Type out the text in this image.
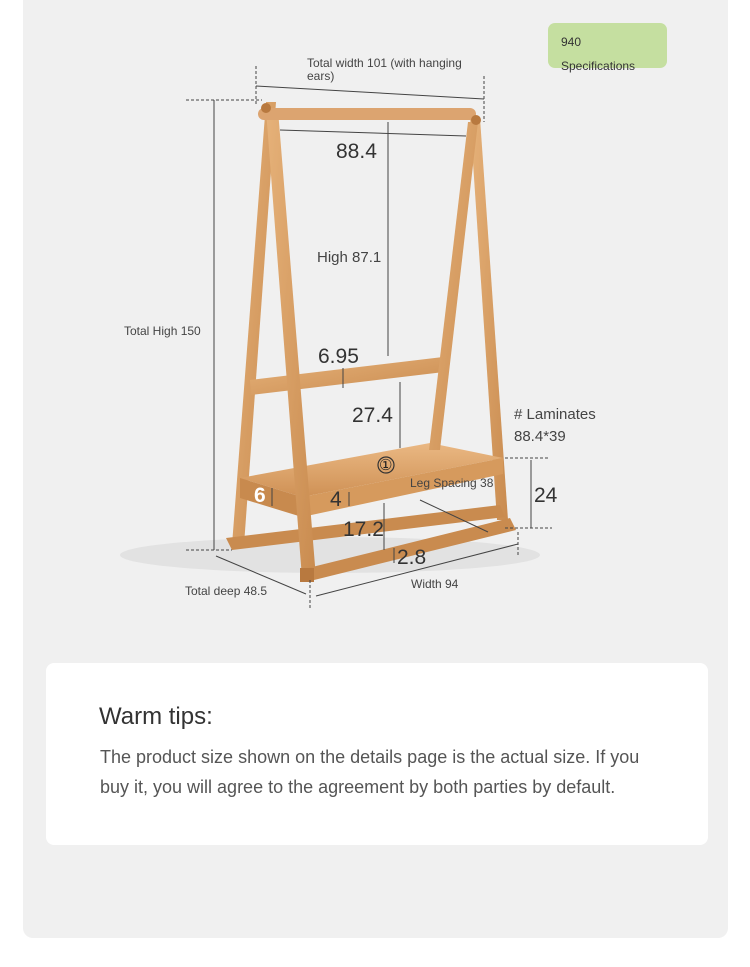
940
Specifications
Total width 101 (with hanging ears)
88.4
High 87.1
Total High 150
6.95
27.4	# Laminates
88.4*39
①
6	4
Leg Spacing 38
24
17.2
2.8
Total deep 48.5	Width 94
Warm tips:

The product size shown on the details page is the actual size. If you buy it, you will agree to the agreement by both parties by default.
